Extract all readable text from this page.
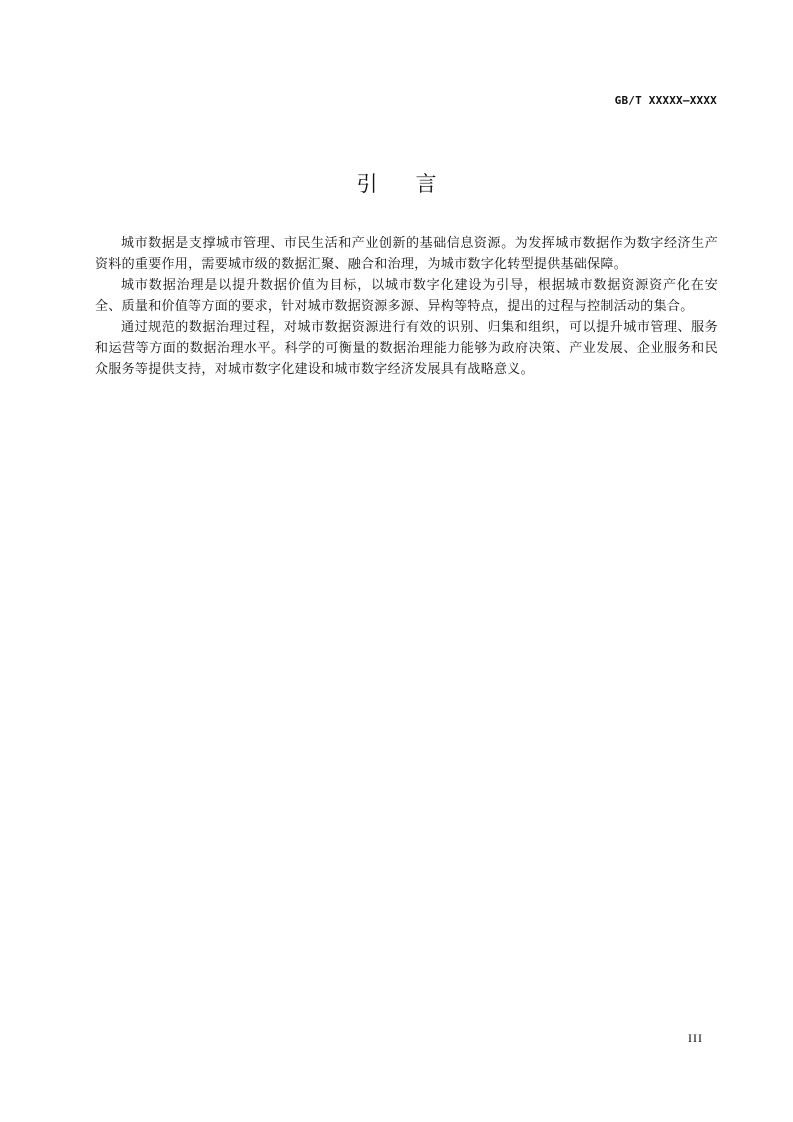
GB/T XXXXX—XXXX
引言

城市数据是支撑城市管理、市民生活和产业创新的基础信息资源。为发挥城市数据作为数字经济生产资料的重要作用，需要城市级的数据汇聚、融合和治理，为城市数字化转型提供基础保障。

城市数据治理是以提升数据价值为目标，以城市数字化建设为引导，根据城市数据资源资产化在安全、质量和价值等方面的要求，针对城市数据资源多源、异构等特点，提出的过程与控制活动的集合。

通过规范的数据治理过程，对城市数据资源进行有效的识别、归集和组织，可以提升城市管理、服务和运营等方面的数据治理水平。科学的可衡量的数据治理能力能够为政府决策、产业发展、企业服务和民众服务等提供支持，对城市数字化建设和城市数字经济发展具有战略意义。

III
